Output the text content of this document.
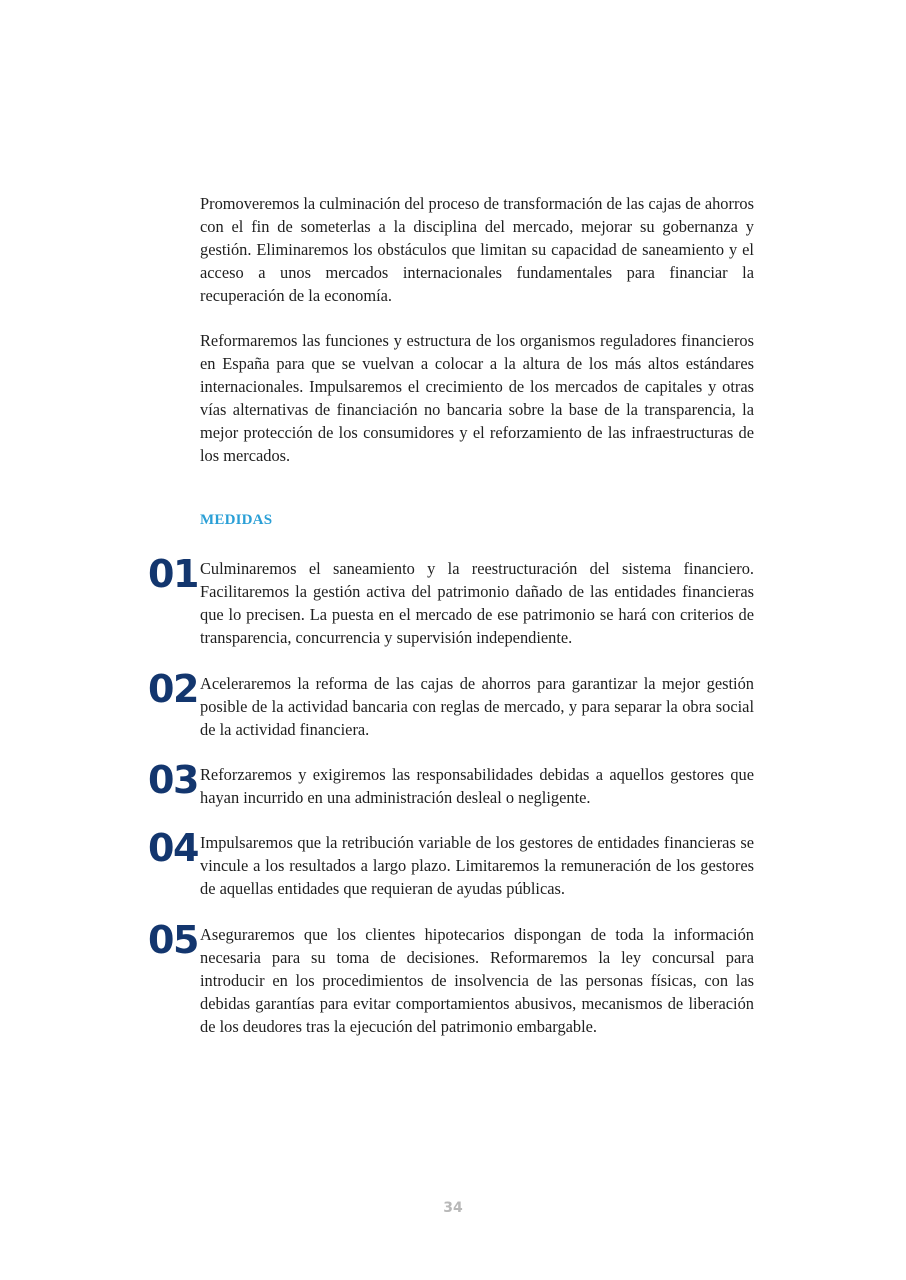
Promoveremos la culminación del proceso de transformación de las cajas de ahorros con el fin de someterlas a la disciplina del mercado, mejorar su gobernanza y gestión. Eliminaremos los obstáculos que limitan su capacidad de saneamiento y el acceso a unos mercados internacionales fundamentales para financiar la recuperación de la economía.

Reformaremos las funciones y estructura de los organismos reguladores financieros en España para que se vuelvan a colocar a la altura de los más altos estándares internacionales. Impulsaremos el crecimiento de los mercados de capitales y otras vías alternativas de financiación no bancaria sobre la base de la transparencia, la mejor protección de los consumidores y el reforzamiento de las infraestructuras de los mercados.

MEDIDAS
01 Culminaremos el saneamiento y la reestructuración del sistema financiero. Facilitaremos la gestión activa del patrimonio dañado de las entidades financieras que lo precisen. La puesta en el mercado de ese patrimonio se hará con criterios de transparencia, concurrencia y supervisión independiente.

02 Aceleraremos la reforma de las cajas de ahorros para garantizar la mejor gestión posible de la actividad bancaria con reglas de mercado, y para separar la obra social de la actividad financiera.

03 Reforzaremos y exigiremos las responsabilidades debidas a aquellos gestores que hayan incurrido en una administración desleal o negligente.

04 Impulsaremos que la retribución variable de los gestores de entidades financieras se vincule a los resultados a largo plazo. Limitaremos la remuneración de los gestores de aquellas entidades que requieran de ayudas públicas.

05 Aseguraremos que los clientes hipotecarios dispongan de toda la información necesaria para su toma de decisiones. Reformaremos la ley concursal para introducir en los procedimientos de insolvencia de las personas físicas, con las debidas garantías para evitar comportamientos abusivos, mecanismos de liberación de los deudores tras la ejecución del patrimonio embargable.

34
